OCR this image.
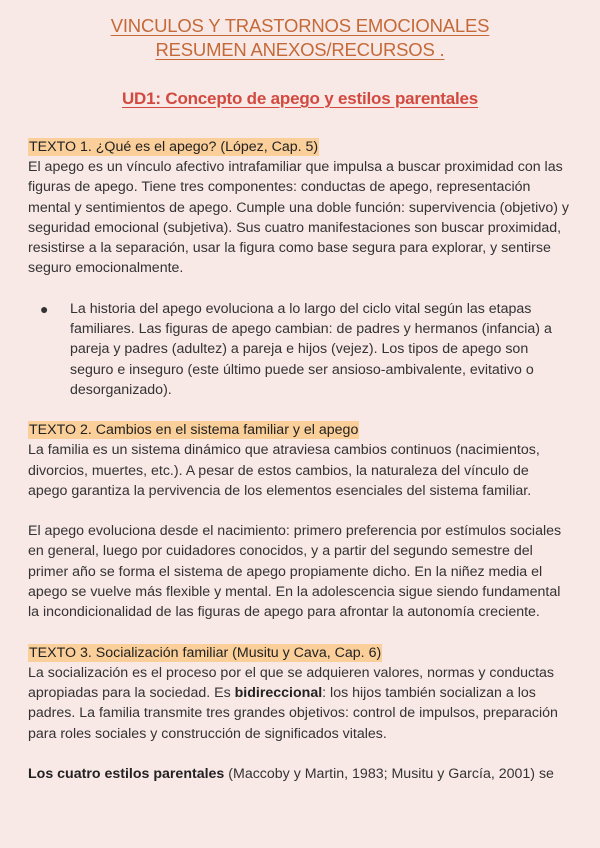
VINCULOS Y TRASTORNOS EMOCIONALES
RESUMEN ANEXOS/RECURSOS .
UD1: Concepto de apego y estilos parentales
TEXTO 1. ¿Qué es el apego? (López, Cap. 5)

El apego es un vínculo afectivo intrafamiliar que impulsa a buscar proximidad con las figuras de apego. Tiene tres componentes: conductas de apego, representación mental y sentimientos de apego. Cumple una doble función: supervivencia (objetivo) y seguridad emocional (subjetiva). Sus cuatro manifestaciones son buscar proximidad, resistirse a la separación, usar la figura como base segura para explorar, y sentirse seguro emocionalmente.

● La historia del apego evoluciona a lo largo del ciclo vital según las etapas familiares. Las figuras de apego cambian: de padres y hermanos (infancia) a pareja y padres (adultez) a pareja e hijos (vejez). Los tipos de apego son seguro e inseguro (este último puede ser ansioso-ambivalente, evitativo o desorganizado).
TEXTO 2. Cambios en el sistema familiar y el apego

La familia es un sistema dinámico que atraviesa cambios continuos (nacimientos, divorcios, muertes, etc.). A pesar de estos cambios, la naturaleza del vínculo de apego garantiza la pervivencia de los elementos esenciales del sistema familiar.

El apego evoluciona desde el nacimiento: primero preferencia por estímulos sociales en general, luego por cuidadores conocidos, y a partir del segundo semestre del primer año se forma el sistema de apego propiamente dicho. En la niñez media el apego se vuelve más flexible y mental. En la adolescencia sigue siendo fundamental la incondicionalidad de las figuras de apego para afrontar la autonomía creciente.

TEXTO 3. Socialización familiar (Musitu y Cava, Cap. 6)

La socialización es el proceso por el que se adquieren valores, normas y conductas apropiadas para la sociedad. Es bidireccional: los hijos también socializan a los padres. La familia transmite tres grandes objetivos: control de impulsos, preparación para roles sociales y construcción de significados vitales.

Los cuatro estilos parentales (Maccoby y Martin, 1983; Musitu y García, 2001) se
